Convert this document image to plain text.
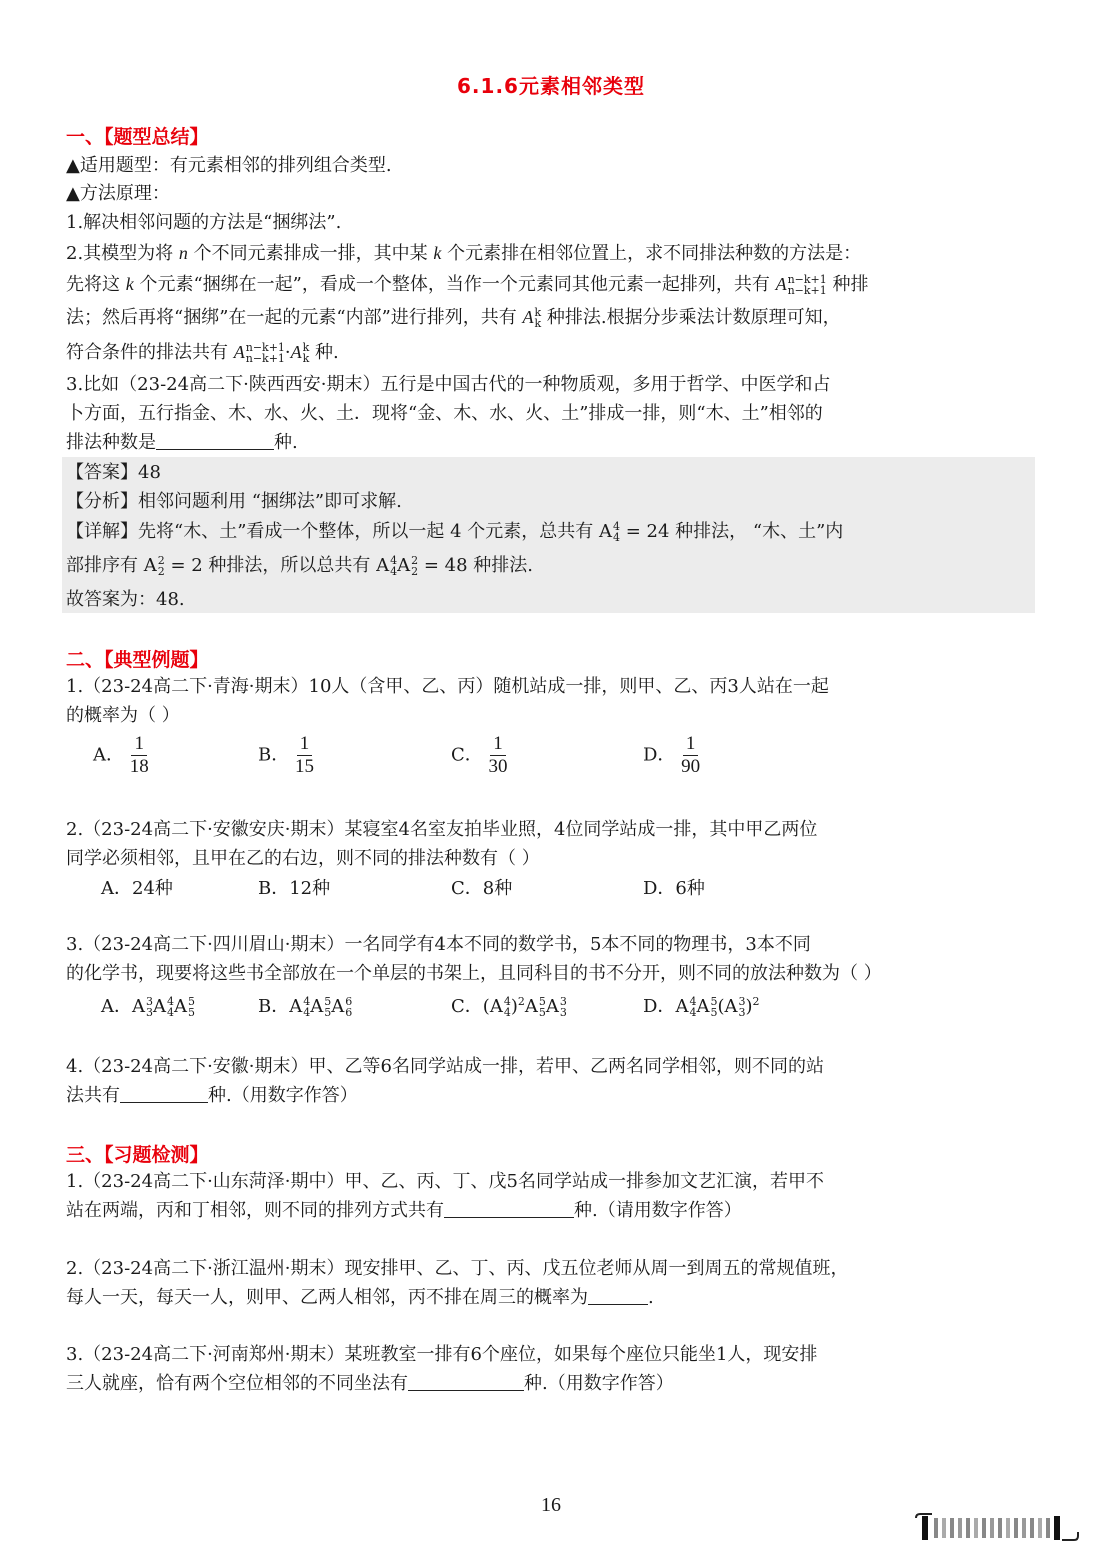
6.1.6元素相邻类型
一、【题型总结】
▲适用题型：有元素相邻的排列组合类型.
▲方法原理：
1.解决相邻问题的方法是“捆绑法”.
2.其模型为将 n 个不同元素排成一排，其中某 k 个元素排在相邻位置上，求不同排法种数的方法是：
先将这 k 个元素“捆绑在一起”，看成一个整体，当作一个元素同其他元素一起排列，共有 A n−k+1
n−k+1 种排
法；然后再将“捆绑”在一起的元素“内部”进行排列，共有 A k
k 种排法.根据分步乘法计数原理可知，
符合条件的排法共有 A n−k+1
n−k+1 ·A k
k 种.
3.比如（23-24高二下·陕西西安·期末）五行是中国古代的一种物质观，多用于哲学、中医学和占
卜方面，五行指金、木、水、火、土．现将“金、木、水、火、土”排成一排，则“木、土”相邻的
排法种数是	种.
【答案】48
【分析】相邻问题利用 “捆绑法”即可求解.
【详解】先将“木、土”看成一个整体，所以一起 4 个元素，总共有 A 4
4 = 24 种排法， “木、土”内
部排序有 A 2
2 = 2 种排法，所以总共有 A 4
4 A 2
2 = 48 种排法.
故答案为：48.
二、【典型例题】
1.（23-24高二下·青海·期末）10人（含甲、乙、丙）随机站成一排，则甲、乙、丙3人站在一起
的概率为（ ）
A． $\frac{1}{18}$	B． $\frac{1}{15}$	C． $\frac{1}{30}$	D． $\frac{1}{90}$
2.（23-24高二下·安徽安庆·期末）某寝室4名室友拍毕业照，4位同学站成一排，其中甲乙两位
同学必须相邻，且甲在乙的右边，则不同的排法种数有（ ）
A．24种	B．12种	C．8种	D．6种
3.（23-24高二下·四川眉山·期末）一名同学有4本不同的数学书，5本不同的物理书，3本不同
的化学书，现要将这些书全部放在一个单层的书架上，且同科目的书不分开，则不同的放法种数为（ ）
A．A 3
3 A 4
4 A 5
5	B．A 4
4 A 5
5 A 6
6	C．(A 4
4 )$^2$A 5
5 A 3
3	D．A 4
4 A 5
5 (A 3
3 )$^2$
4.（23-24高二下·安徽·期末）甲、乙等6名同学站成一排，若甲、乙两名同学相邻，则不同的站
法共有	种.（用数字作答）
三、【习题检测】
1.（23-24高二下·山东菏泽·期中）甲、乙、丙、丁、戊5名同学站成一排参加文艺汇演，若甲不
站在两端，丙和丁相邻，则不同的排列方式共有	种.（请用数字作答）
2.（23-24高二下·浙江温州·期末）现安排甲、乙、丁、丙、戊五位老师从周一到周五的常规值班，
每人一天，每天一人，则甲、乙两人相邻，丙不排在周三的概率为	.
3.（23-24高二下·河南郑州·期末）某班教室一排有6个座位，如果每个座位只能坐1人，现安排
三人就座，恰有两个空位相邻的不同坐法有	种.（用数字作答）
16
